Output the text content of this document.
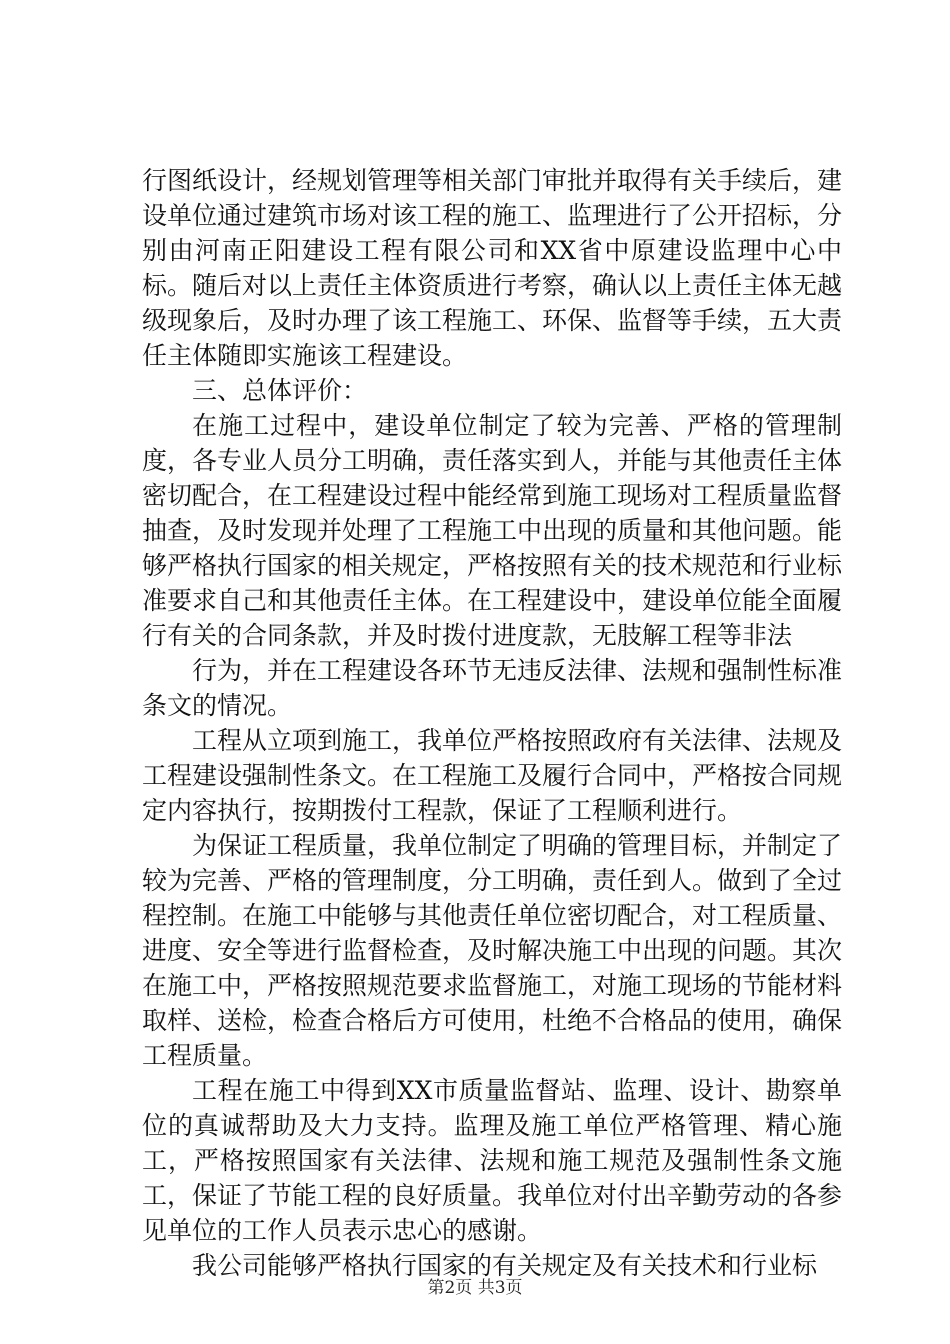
行图纸设计，经规划管理等相关部门审批并取得有关手续后，建设单位通过建筑市场对该工程的施工、监理进行了公开招标，分别由河南正阳建设工程有限公司和XX省中原建设监理中心中标。随后对以上责任主体资质进行考察，确认以上责任主体无越级现象后，及时办理了该工程施工、环保、监督等手续，五大责任主体随即实施该工程建设。

三、总体评价：

在施工过程中，建设单位制定了较为完善、严格的管理制度，各专业人员分工明确，责任落实到人，并能与其他责任主体密切配合，在工程建设过程中能经常到施工现场对工程质量监督抽查，及时发现并处理了工程施工中出现的质量和其他问题。能够严格执行国家的相关规定，严格按照有关的技术规范和行业标准要求自己和其他责任主体。在工程建设中，建设单位能全面履行有关的合同条款，并及时拨付进度款，无肢解工程等非法

行为，并在工程建设各环节无违反法律、法规和强制性标准条文的情况。

工程从立项到施工，我单位严格按照政府有关法律、法规及工程建设强制性条文。在工程施工及履行合同中，严格按合同规定内容执行，按期拨付工程款，保证了工程顺利进行。

为保证工程质量，我单位制定了明确的管理目标，并制定了较为完善、严格的管理制度，分工明确，责任到人。做到了全过程控制。在施工中能够与其他责任单位密切配合，对工程质量、进度、安全等进行监督检查，及时解决施工中出现的问题。其次在施工中，严格按照规范要求监督施工，对施工现场的节能材料取样、送检，检查合格后方可使用，杜绝不合格品的使用，确保工程质量。

工程在施工中得到XX市质量监督站、监理、设计、勘察单位的真诚帮助及大力支持。监理及施工单位严格管理、精心施工，严格按照国家有关法律、法规和施工规范及强制性条文施工，保证了节能工程的良好质量。我单位对付出辛勤劳动的各参见单位的工作人员表示忠心的感谢。

我公司能够严格执行国家的有关规定及有关技术和行业标

第2页 共3页
